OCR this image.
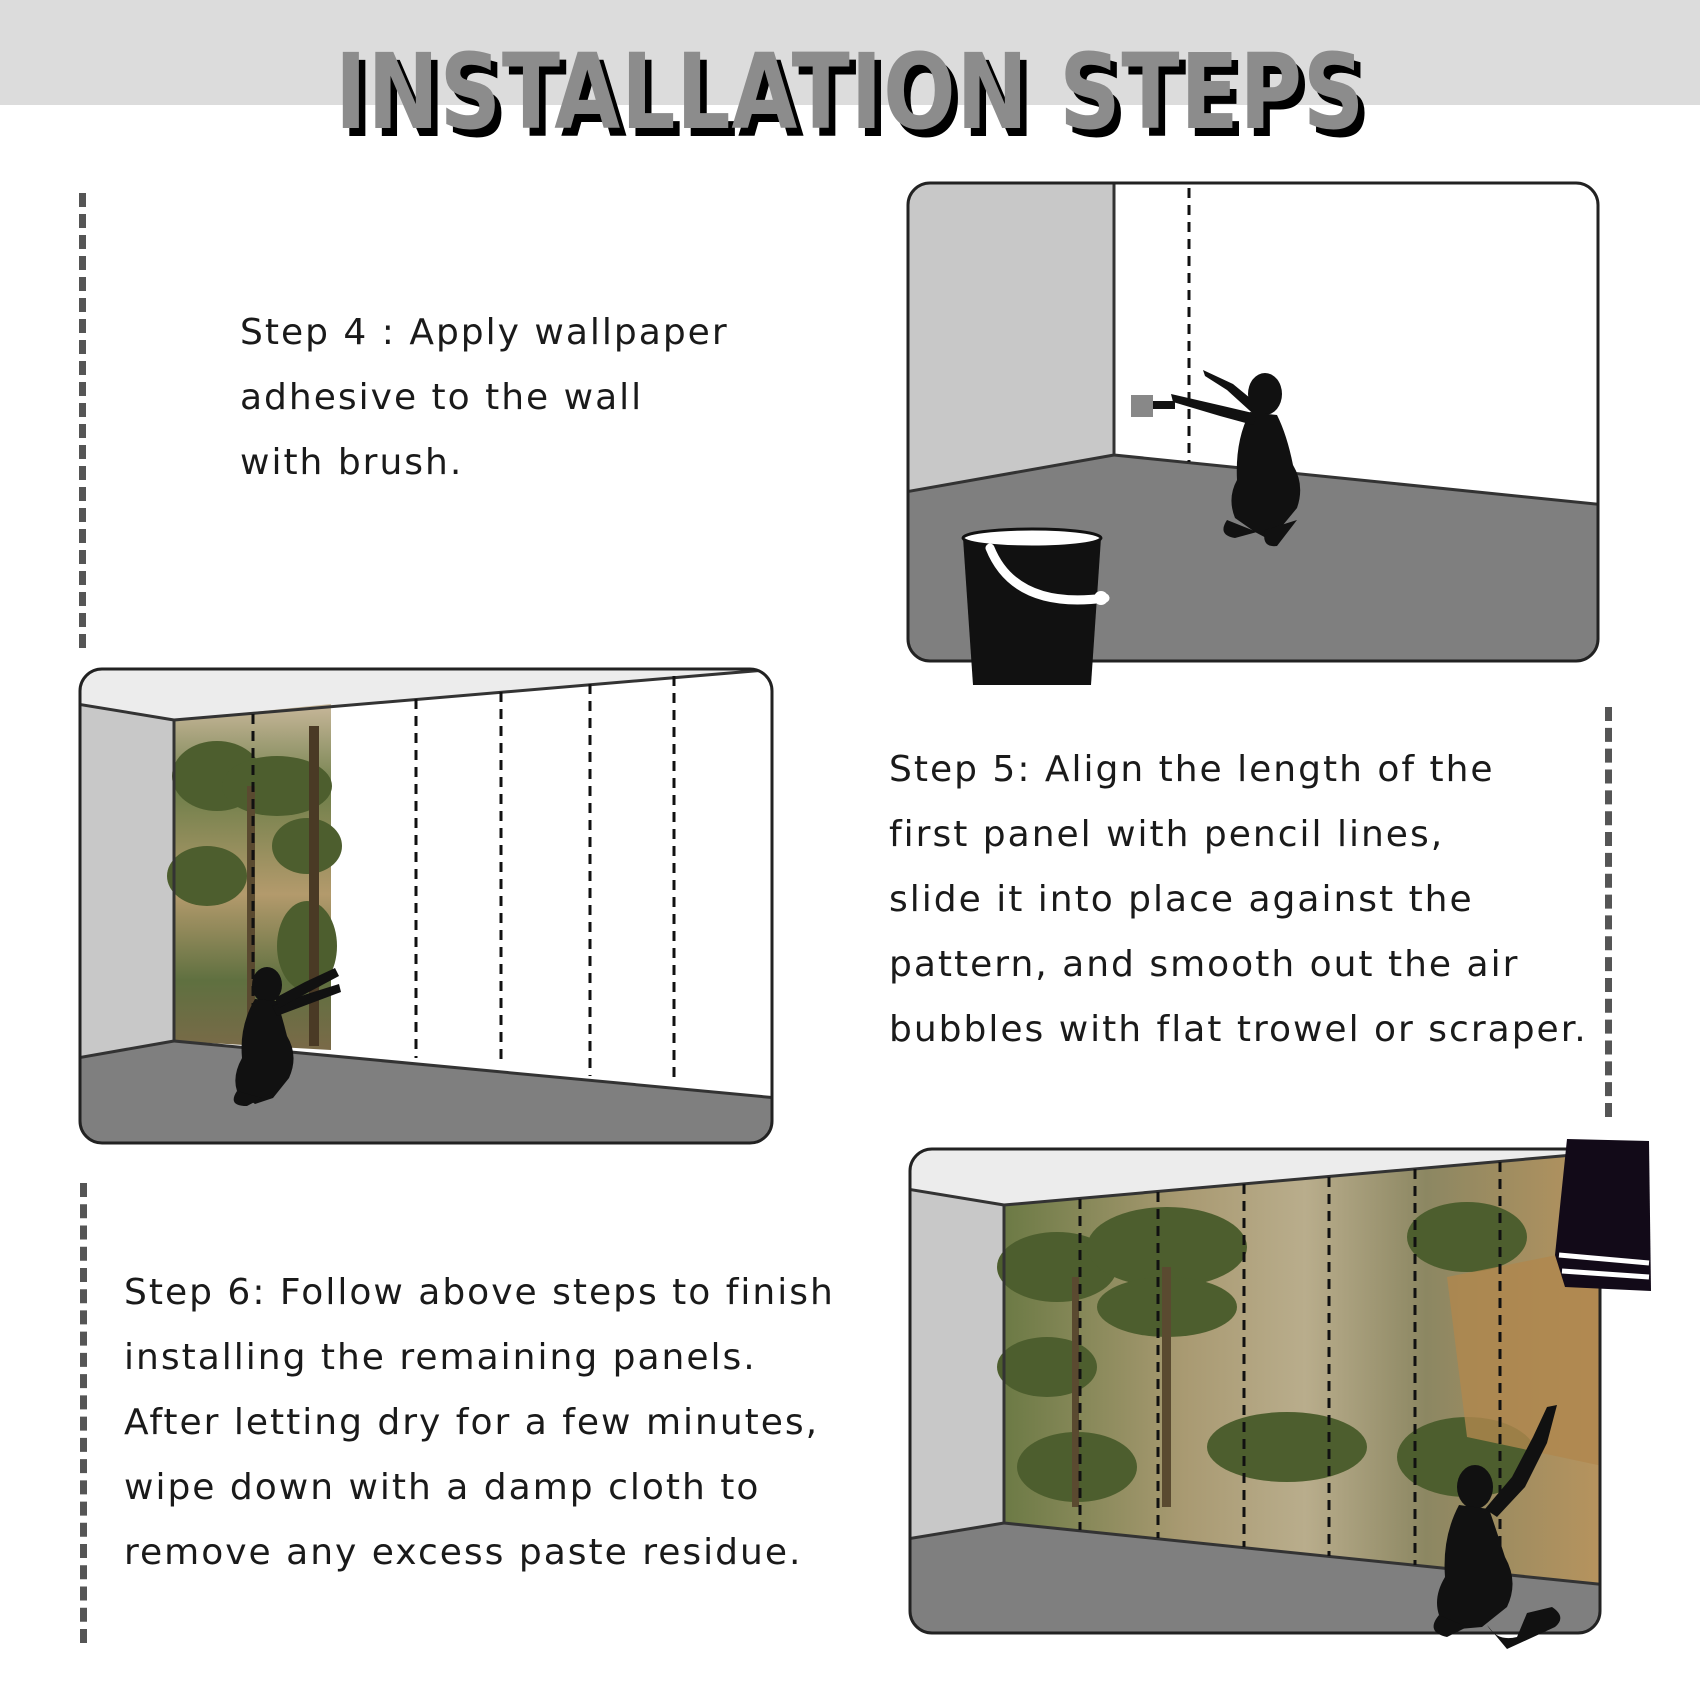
INSTALLATION STEPS

Step 4 : Apply wallpaper
adhesive to the wall
with brush.

Step 5: Align the length of the
first panel with pencil lines,
slide it into place against the
pattern, and smooth out the air
bubbles with flat trowel or scraper.

Step 6: Follow above steps to finish
installing the remaining panels.
After letting dry for a few minutes,
wipe down with a damp cloth to
remove any excess paste residue.
